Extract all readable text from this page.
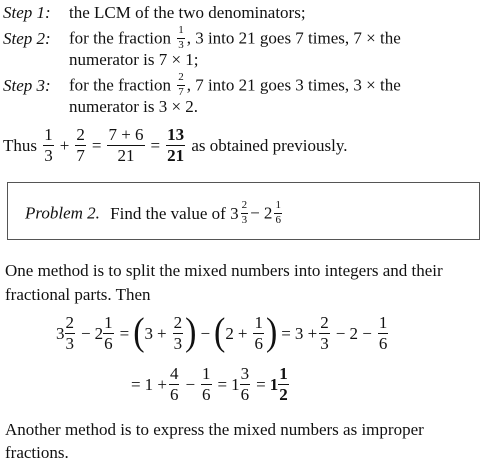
Step 1: the LCM of the two denominators;
Step 2: for the fraction $\frac{1}{3}$ , 3 into 21 goes 7 times, 7 × the
numerator is 7 × 1;
Step 3: for the fraction $\frac{2}{7}$ , 7 into 21 goes 3 times, 3 × the
numerator is 3 × 2.
Thus $\frac{1}{3} + \frac{2}{7} = \frac{7 + 6}{21} = \frac{13}{21}$ as obtained previously.
Problem 2. Find the value of $3 \frac{2}{3} - 2 \frac{1}{6}$
One method is to split the mixed numbers into integers and their
fractional parts. Then
$3 \frac{2}{3} - 2 \frac{1}{6} = (3 + \frac{2}{3}$ ) − ($2 + \frac{1}{6}$ ) = $3 + \frac{2}{3} - 2 - \frac{1}{6}$
= $1 + \frac{4}{6} - \frac{1}{6} = 1 \frac{3}{6} = 1 \frac{1}{2}$
Another method is to express the mixed numbers as improper
fractions.
